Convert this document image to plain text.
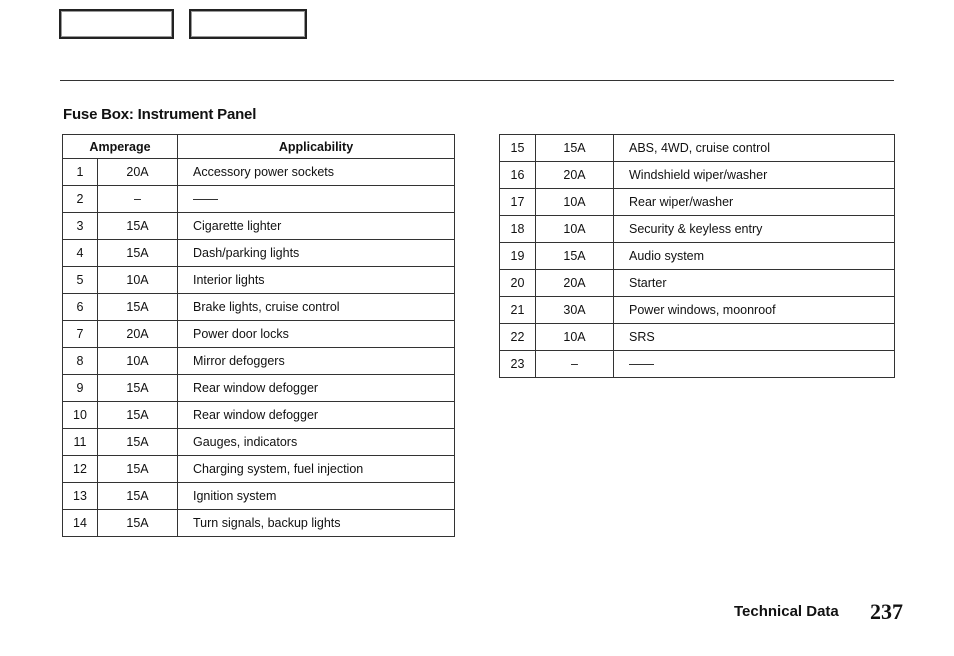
Fuse Box: Instrument Panel
Amperage		Applicability
1	20A	Accessory power sockets
2	–	——
3	15A	Cigarette lighter
4	15A	Dash/parking lights
5	10A	Interior lights
6	15A	Brake lights, cruise control
7	20A	Power door locks
8	10A	Mirror defoggers
9	15A	Rear window defogger
10	15A	Rear window defogger
11	15A	Gauges, indicators
12	15A	Charging system, fuel injection
13	15A	Ignition system
14	15A	Turn signals, backup lights
15	15A	ABS, 4WD, cruise control
16	20A	Windshield wiper/washer
17	10A	Rear wiper/washer
18	10A	Security & keyless entry
19	15A	Audio system
20	20A	Starter
21	30A	Power windows, moonroof
22	10A	SRS
23	–	——
Technical Data 237
